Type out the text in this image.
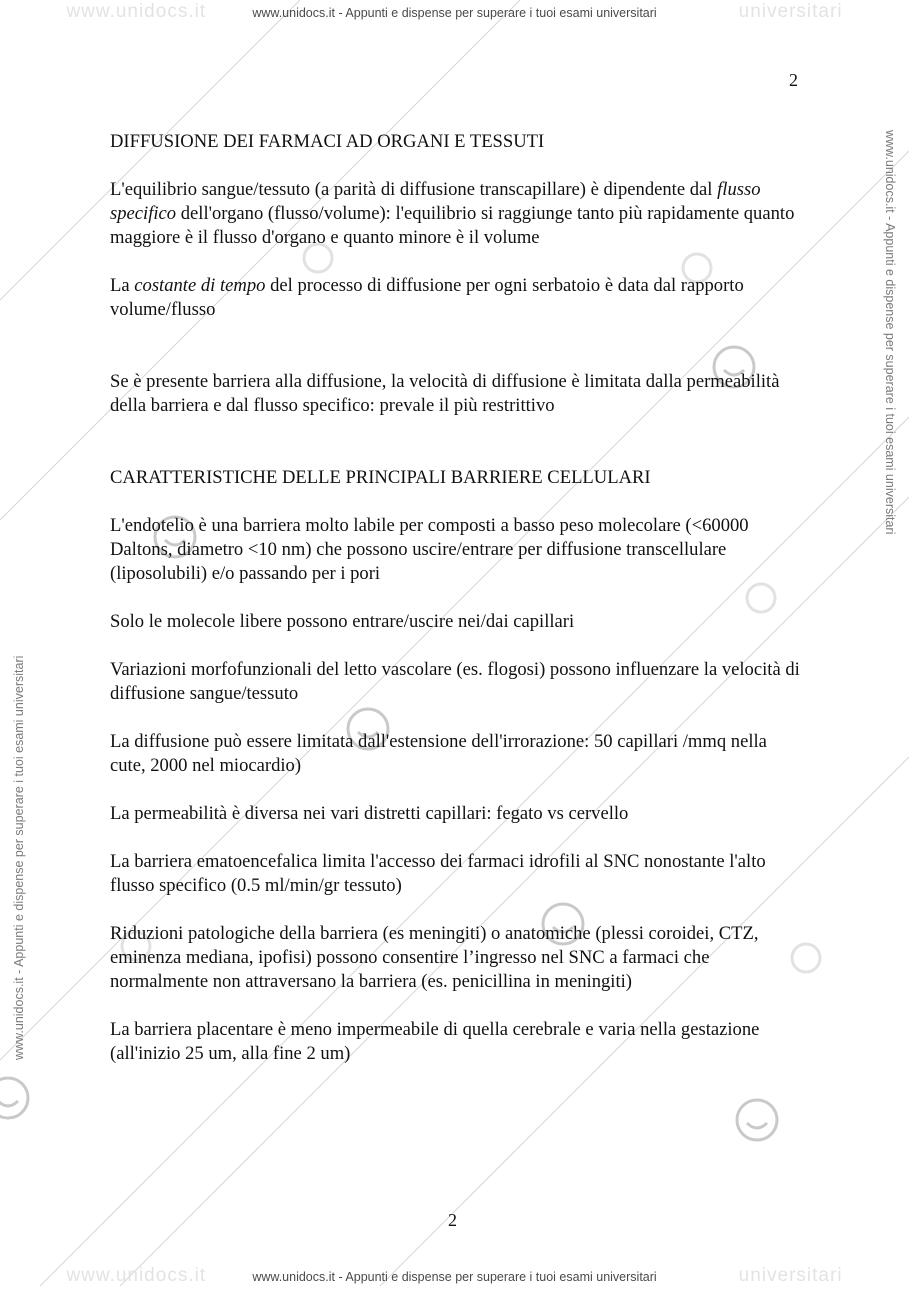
www.unidocs.it	universitari
www.unidocs.it - Appunti e dispense per superare i tuoi esami universitari
www.unidocs.it	universitari
www.unidocs.it - Appunti e dispense per superare i tuoi esami universitari
www.unidocs.it - Appunti e dispense per superare i tuoi esami universitari
www.unidocs.it - Appunti e dispense per superare i tuoi esami universitari
2
DIFFUSIONE DEI FARMACI AD ORGANI E TESSUTI

L'equilibrio sangue/tessuto (a parità di diffusione transcapillare) è dipendente dal flusso specifico dell'organo (flusso/volume): l'equilibrio si raggiunge tanto più rapidamente quanto maggiore è il flusso d'organo e quanto minore è il volume

La costante di tempo del processo di diffusione per ogni serbatoio è data dal rapporto volume/flusso

Se è presente barriera alla diffusione, la velocità di diffusione è limitata dalla permeabilità della barriera e dal flusso specifico: prevale il più restrittivo

CARATTERISTICHE DELLE PRINCIPALI BARRIERE CELLULARI

L'endotelio è una barriera molto labile per composti a basso peso molecolare (<60000 Daltons, diametro <10 nm) che possono uscire/entrare per diffusione transcellulare (liposolubili) e/o passando per i pori

Solo le molecole libere possono entrare/uscire nei/dai capillari

Variazioni morfofunzionali del letto vascolare (es. flogosi) possono influenzare la velocità di diffusione sangue/tessuto

La diffusione può essere limitata dall'estensione dell'irrorazione: 50 capillari /mmq nella cute, 2000 nel miocardio)

La permeabilità è diversa nei vari distretti capillari: fegato vs cervello

La barriera ematoencefalica limita l'accesso dei farmaci idrofili al SNC nonostante l'alto flusso specifico (0.5 ml/min/gr tessuto)

Riduzioni patologiche della barriera (es meningiti) o anatomiche (plessi coroidei, CTZ, eminenza mediana, ipofisi) possono consentire l’ingresso nel SNC a farmaci che normalmente non attraversano la barriera (es. penicillina in meningiti)

La barriera placentare è meno impermeabile di quella cerebrale e varia nella gestazione (all'inizio 25 um, alla fine 2 um)

2
